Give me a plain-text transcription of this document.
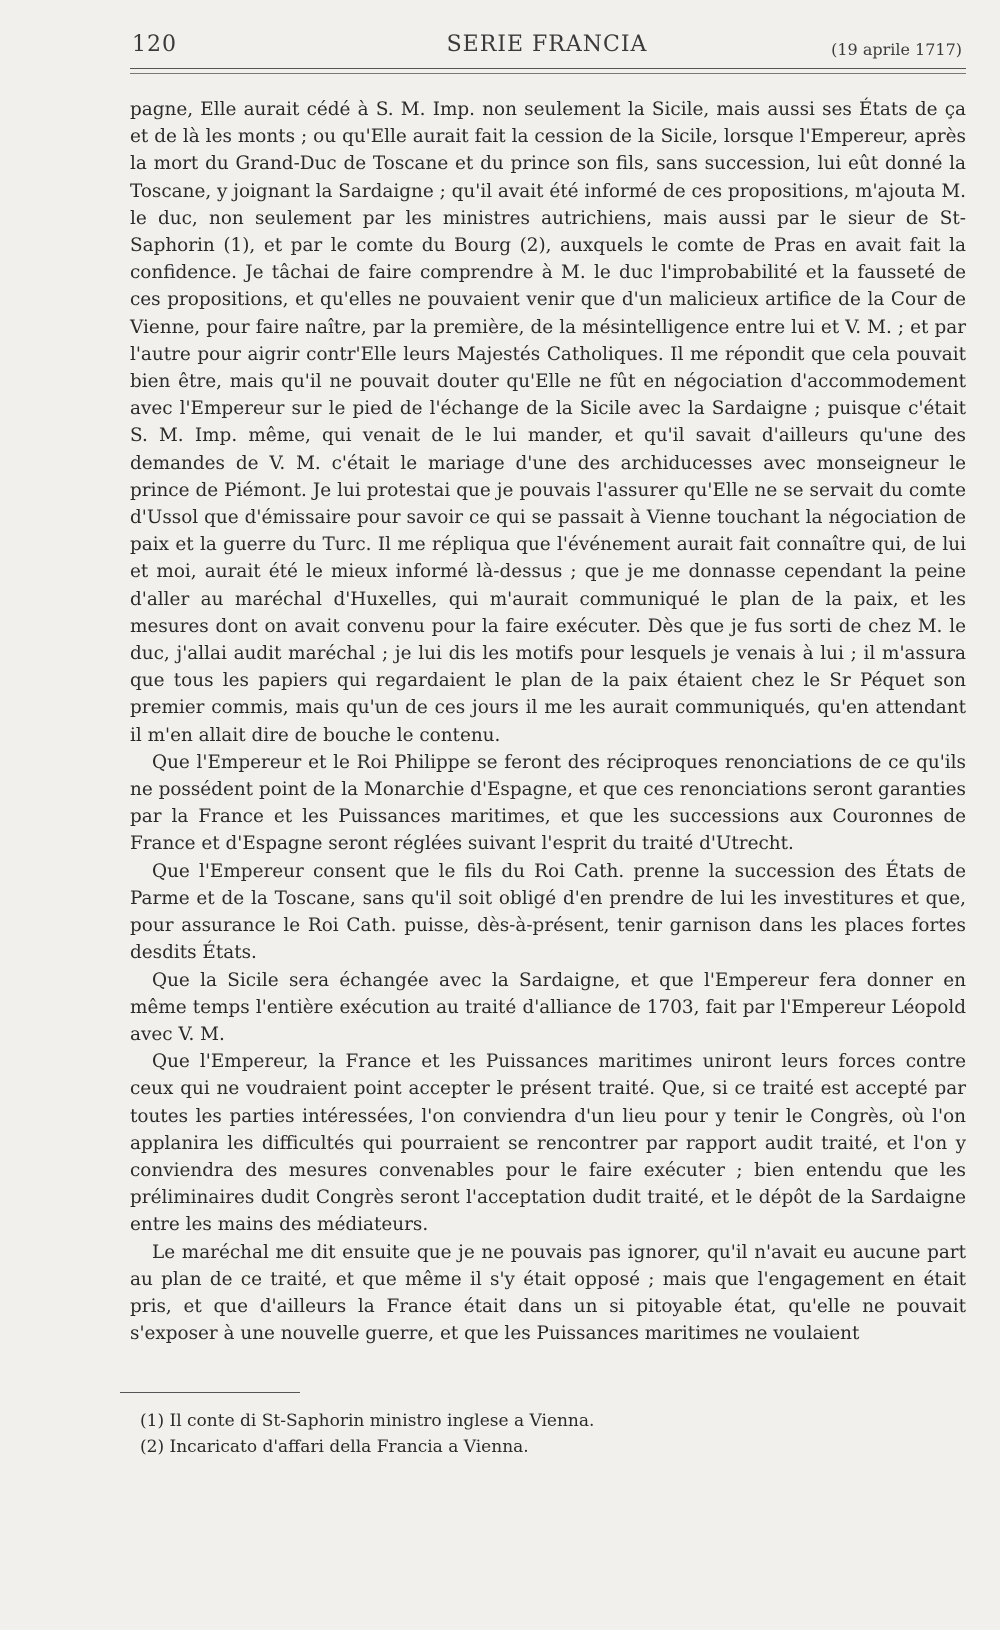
120	SERIE FRANCIA	(19 aprile 1717)

pagne, Elle aurait cédé à S. M. Imp. non seulement la Sicile, mais aussi ses États de ça et de là les monts ; ou qu'Elle aurait fait la cession de la Sicile, lorsque l'Empereur, après la mort du Grand-Duc de Toscane et du prince son fils, sans succession, lui eût donné la Toscane, y joignant la Sardaigne ; qu'il avait été informé de ces propositions, m'ajouta M. le duc, non seulement par les ministres autrichiens, mais aussi par le sieur de St-Saphorin (1), et par le comte du Bourg (2), auxquels le comte de Pras en avait fait la confidence. Je tâchai de faire comprendre à M. le duc l'improbabilité et la fausseté de ces propositions, et qu'elles ne pouvaient venir que d'un malicieux artifice de la Cour de Vienne, pour faire naître, par la première, de la mésintelligence entre lui et V. M. ; et par l'autre pour aigrir contr'Elle leurs Majestés Catholiques. Il me répondit que cela pouvait bien être, mais qu'il ne pouvait douter qu'Elle ne fût en négociation d'accommodement avec l'Empereur sur le pied de l'échange de la Sicile avec la Sardaigne ; puisque c'était S. M. Imp. même, qui venait de le lui mander, et qu'il savait d'ailleurs qu'une des demandes de V. M. c'était le mariage d'une des archiducesses avec monseigneur le prince de Piémont. Je lui protestai que je pouvais l'assurer qu'Elle ne se servait du comte d'Ussol que d'émissaire pour savoir ce qui se passait à Vienne touchant la négociation de paix et la guerre du Turc. Il me répliqua que l'événement aurait fait connaître qui, de lui et moi, aurait été le mieux informé là-dessus ; que je me donnasse cependant la peine d'aller au maréchal d'Huxelles, qui m'aurait communiqué le plan de la paix, et les mesures dont on avait convenu pour la faire exécuter. Dès que je fus sorti de chez M. le duc, j'allai audit maréchal ; je lui dis les motifs pour lesquels je venais à lui ; il m'assura que tous les papiers qui regardaient le plan de la paix étaient chez le Sr Péquet son premier commis, mais qu'un de ces jours il me les aurait communiqués, qu'en attendant il m'en allait dire de bouche le contenu.

Que l'Empereur et le Roi Philippe se feront des réciproques renonciations de ce qu'ils ne possédent point de la Monarchie d'Espagne, et que ces renonciations seront garanties par la France et les Puissances maritimes, et que les successions aux Couronnes de France et d'Espagne seront réglées suivant l'esprit du traité d'Utrecht.

Que l'Empereur consent que le fils du Roi Cath. prenne la succession des États de Parme et de la Toscane, sans qu'il soit obligé d'en prendre de lui les investitures et que, pour assurance le Roi Cath. puisse, dès-à-présent, tenir garnison dans les places fortes desdits États.

Que la Sicile sera échangée avec la Sardaigne, et que l'Empereur fera donner en même temps l'entière exécution au traité d'alliance de 1703, fait par l'Empereur Léopold avec V. M.

Que l'Empereur, la France et les Puissances maritimes uniront leurs forces contre ceux qui ne voudraient point accepter le présent traité. Que, si ce traité est accepté par toutes les parties intéressées, l'on conviendra d'un lieu pour y tenir le Congrès, où l'on applanira les difficultés qui pourraient se rencontrer par rapport audit traité, et l'on y conviendra des mesures convenables pour le faire exécuter ; bien entendu que les préliminaires dudit Congrès seront l'acceptation dudit traité, et le dépôt de la Sardaigne entre les mains des médiateurs.

Le maréchal me dit ensuite que je ne pouvais pas ignorer, qu'il n'avait eu aucune part au plan de ce traité, et que même il s'y était opposé ; mais que l'engagement en était pris, et que d'ailleurs la France était dans un si pitoyable état, qu'elle ne pouvait s'exposer à une nouvelle guerre, et que les Puissances maritimes ne voulaient

(1) Il conte di St-Saphorin ministro inglese a Vienna.

(2) Incaricato d'affari della Francia a Vienna.
